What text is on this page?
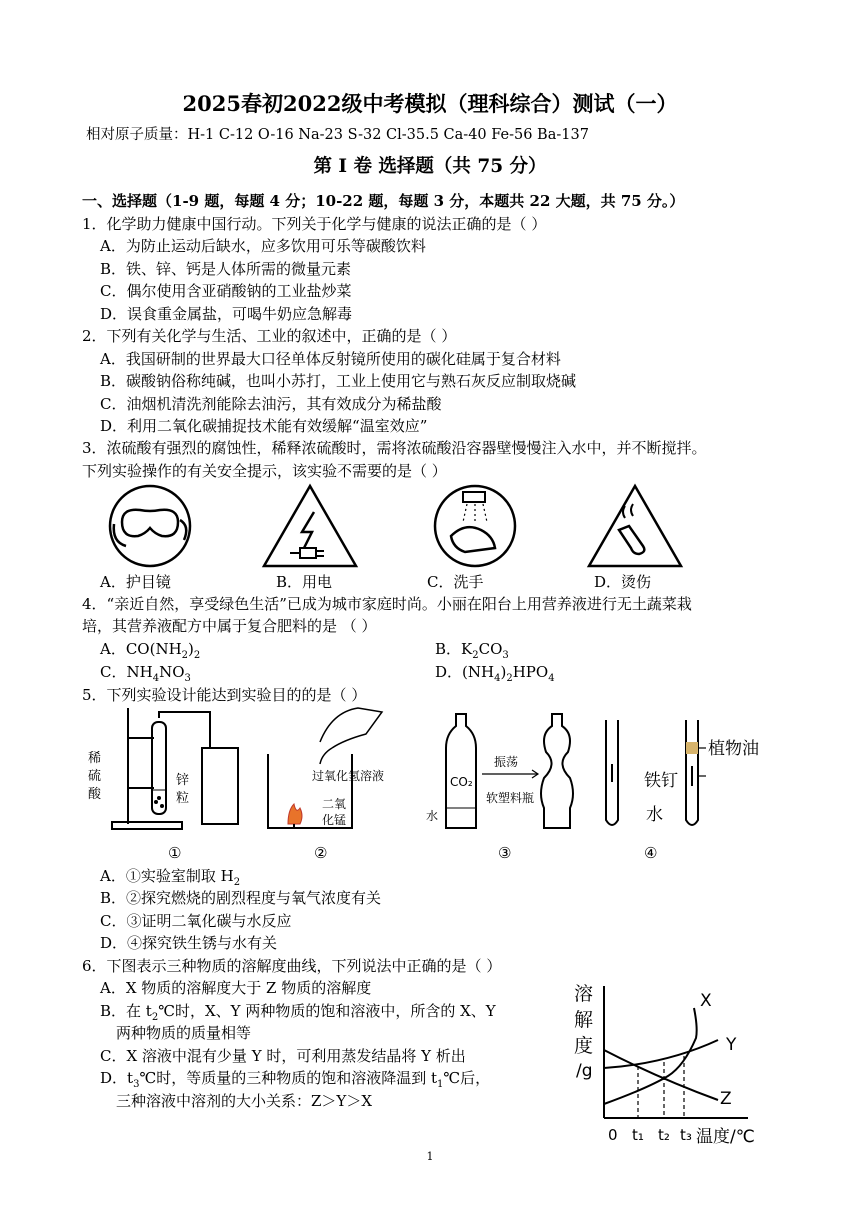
2025春初2022级中考模拟（理科综合）测试（一）
相对原子质量：H-1 C-12 O-16 Na-23 S-32 Cl-35.5 Ca-40 Fe-56 Ba-137
第 Ⅰ 卷 选择题（共 75 分）
一、选择题（1-9 题，每题 4 分；10-22 题，每题 3 分，本题共 22 大题，共 75 分。）
1．化学助力健康中国行动。下列关于化学与健康的说法正确的是（ ）
A．为防止运动后缺水，应多饮用可乐等碳酸饮料
B．铁、锌、钙是人体所需的微量元素
C．偶尔使用含亚硝酸钠的工业盐炒菜
D．误食重金属盐，可喝牛奶应急解毒
2．下列有关化学与生活、工业的叙述中，正确的是（ ）
A．我国研制的世界最大口径单体反射镜所使用的碳化硅属于复合材料
B．碳酸钠俗称纯碱，也叫小苏打，工业上使用它与熟石灰反应制取烧碱
C．油烟机清洗剂能除去油污，其有效成分为稀盐酸
D．利用二氧化碳捕捉技术能有效缓解“温室效应”
3．浓硫酸有强烈的腐蚀性，稀释浓硫酸时，需将浓硫酸沿容器壁慢慢注入水中，并不断搅拌。
下列实验操作的有关安全提示，该实验不需要的是（ ）
A．护目镜	B．用电	C．洗手	D．烫伤
4．“亲近自然，享受绿色生活”已成为城市家庭时尚。小丽在阳台上用营养液进行无土蔬菜栽
培，其营养液配方中属于复合肥料的是 （ ）
A．$CO(NH_2)_2$	B．$K_2CO_3$
C．$NH_4NO_3$	D．$(NH_4)_2HPO_4$
5．下列实验设计能达到实验目的的是（ ）
稀
硫
酸
锌
粒
过氧化氢溶液
二氧
化锰
CO₂
水
振荡
软塑料瓶
植物油
铁钉
水
①	②	③	④
A．①实验室制取 $H_2$
B．②探究燃烧的剧烈程度与氧气浓度有关
C．③证明二氧化碳与水反应
D．④探究铁生锈与水有关
6．下图表示三种物质的溶解度曲线，下列说法中正确的是（ ）
A．X 物质的溶解度大于 Z 物质的溶解度
B．在 $t_2℃$时，X、Y 两种物质的饱和溶液中，所含的 X、Y
两种物质的质量相等
C．X 溶液中混有少量 Y 时，可利用蒸发结晶将 Y 析出
D．$t_3℃$时，等质量的三种物质的饱和溶液降温到 $t_1℃$后，
三种溶液中溶剂的大小关系：Z＞Y＞X
溶
解
度
/g
X
Y
Z
0 t₁ t₂ t₃ 温度/℃
1
